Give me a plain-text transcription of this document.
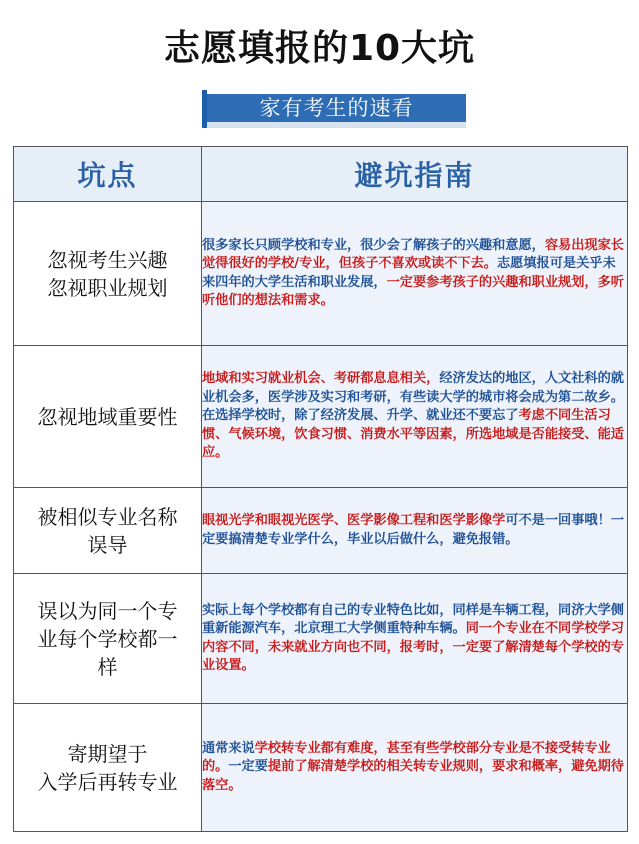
志愿填报的10大坑
家有考生的速看
坑点	避坑指南

忽视考生兴趣
忽视职业规划	很多家长只顾学校和专业，很少会了解孩子的兴趣和意愿，容易出现家长觉得很好的学校/专业，但孩子不喜欢或读不下去。志愿填报可是关乎未来四年的大学生活和职业发展，一定要参考孩子的兴趣和职业规划，多听听他们的想法和需求。

忽视地域重要性	地域和实习就业机会、考研都息息相关，经济发达的地区，人文社科的就业机会多，医学涉及实习和考研，有些读大学的城市将会成为第二故乡。在选择学校时，除了经济发展、升学、就业还不要忘了考虑不同生活习惯、气候环境，饮食习惯、消费水平等因素，所选地域是否能接受、能适应。

被相似专业名称
误导	眼视光学和眼视光医学、医学影像工程和医学影像学可不是一回事哦！一定要搞清楚专业学什么，毕业以后做什么，避免报错。

误以为同一个专
业每个学校都一
样	实际上每个学校都有自己的专业特色比如，同样是车辆工程，同济大学侧重新能源汽车，北京理工大学侧重特种车辆。同一个专业在不同学校学习内容不同，未来就业方向也不同，报考时，一定要了解清楚每个学校的专业设置。

寄期望于
入学后再转专业	通常来说学校转专业都有难度，甚至有些学校部分专业是不接受转专业的。一定要提前了解清楚学校的相关转专业规则，要求和概率，避免期待落空。
